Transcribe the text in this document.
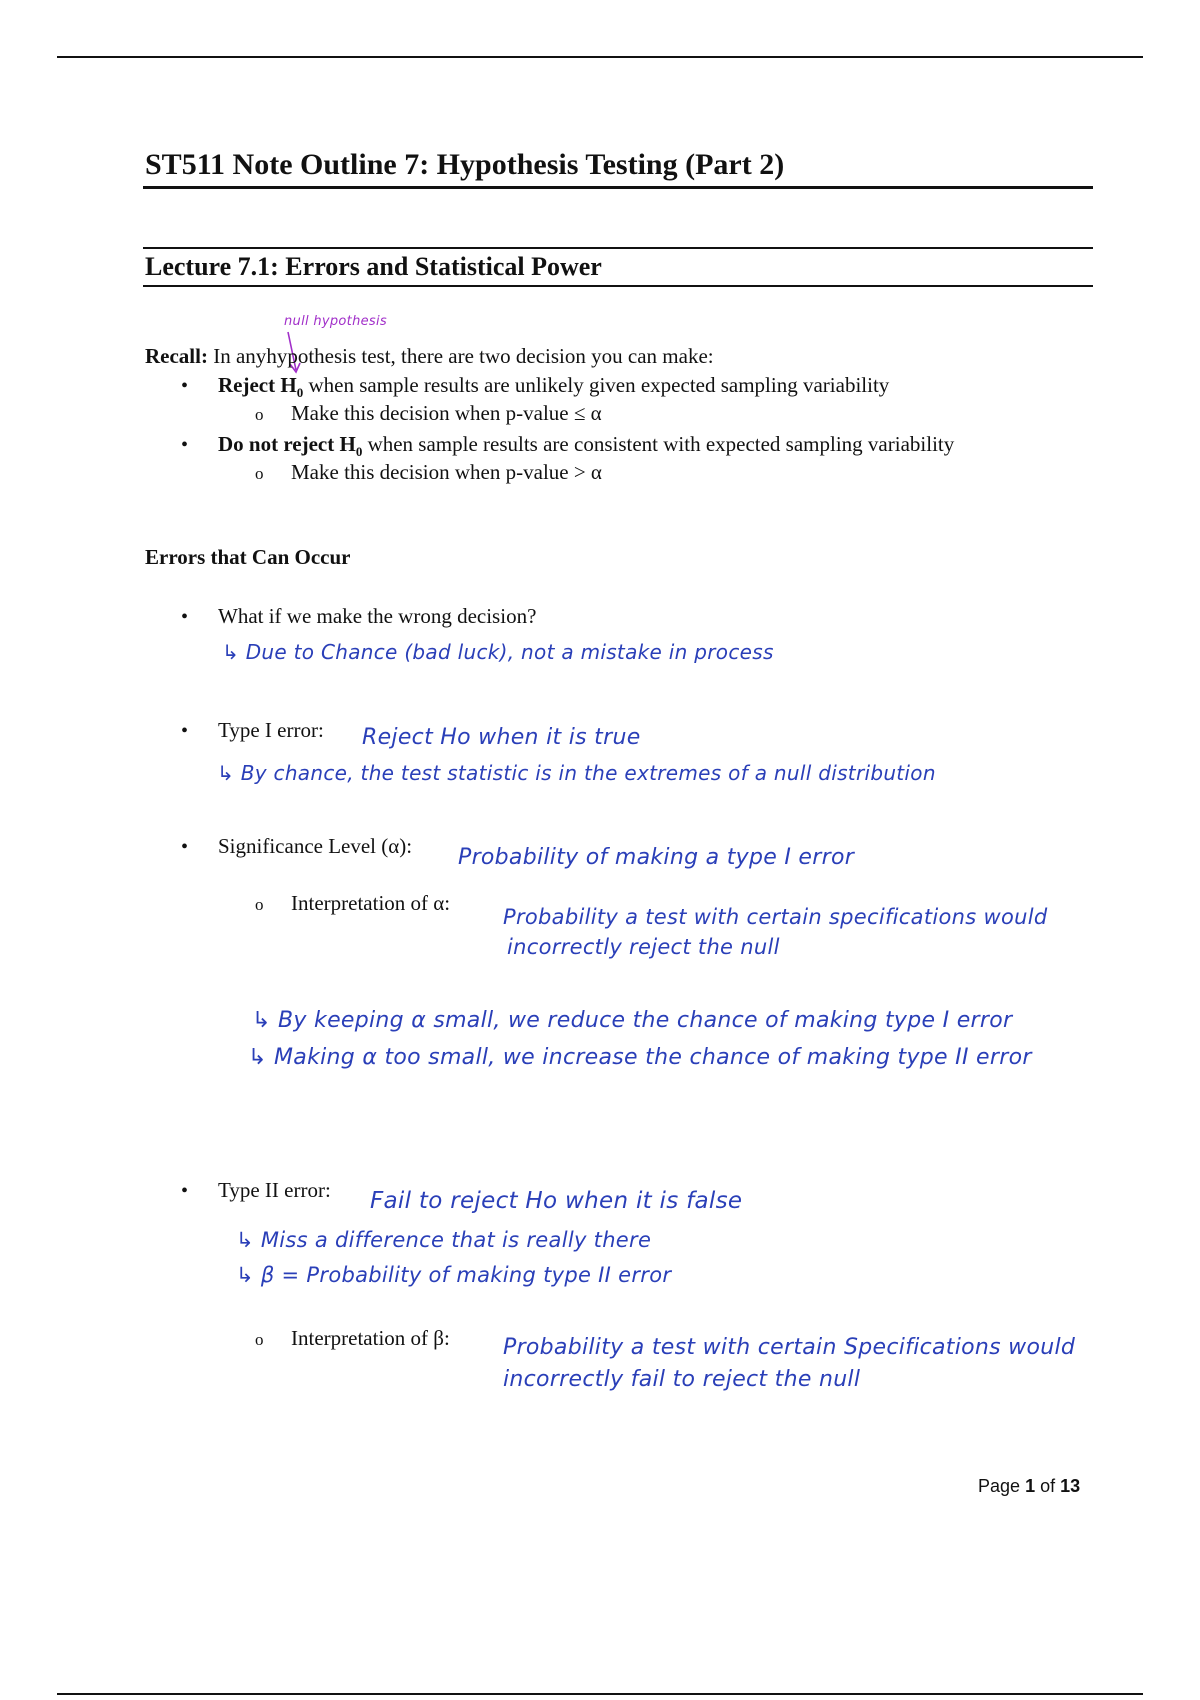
ST511 Note Outline 7: Hypothesis Testing (Part 2)
Lecture 7.1: Errors and Statistical Power
null hypothesis
Recall: In anyhypothesis test, there are two decision you can make:
• Reject $H_0$ when sample results are unlikely given expected sampling variability
o Make this decision when p-value ≤ α
• Do not reject $H_0$ when sample results are consistent with expected sampling variability
o Make this decision when p-value > α
Errors that Can Occur
• What if we make the wrong decision?
↳ Due to Chance (bad luck), not a mistake in process
• Type I error: Reject Ho when it is true
↳ By chance, the test statistic is in the extremes of a null distribution
• Significance Level (α): Probability of making a type I error
o Interpretation of α:
Probability a test with certain specifications would
incorrectly reject the null
↳ By keeping α small, we reduce the chance of making type I error
↳ Making α too small, we increase the chance of making type II error
• Type II error: Fail to reject Ho when it is false
↳ Miss a difference that is really there
↳ β = Probability of making type II error
o Interpretation of β: Probability a test with certain Specifications would
incorrectly fail to reject the null
Page 1 of 13
